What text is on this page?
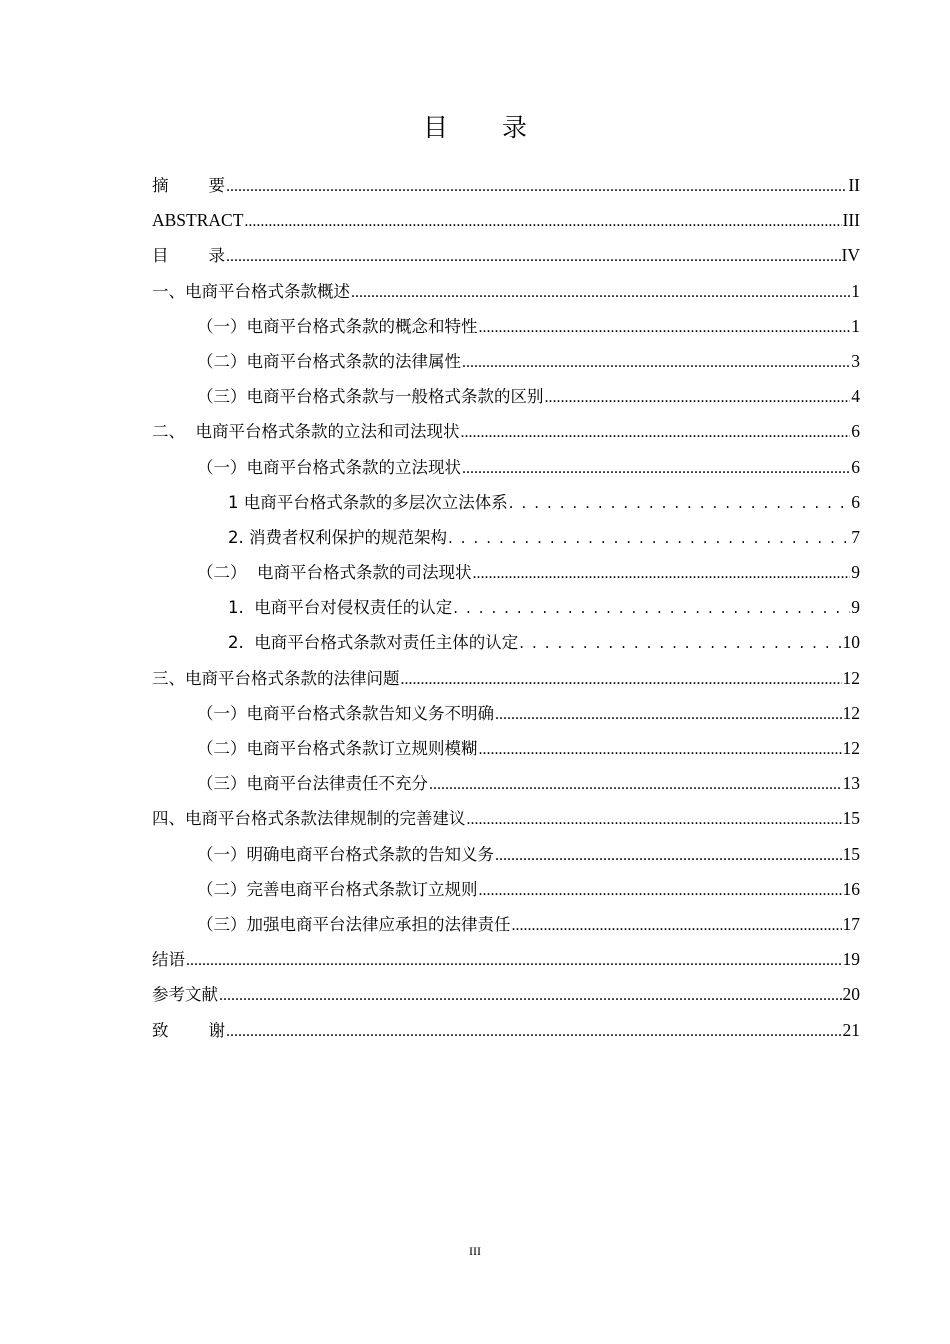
目 录
摘 要 .....	II
ABSTRACT .....	III
目 录 .....	IV
一、电商平台格式条款概述 .....	1
（一）电商平台格式条款的概念和特性 .....	1
（二）电商平台格式条款的法律属性 .....	3
（三）电商平台格式条款与一般格式条款的区别 .....	4
二、  电商平台格式条款的立法和司法现状 .....	6
（一）电商平台格式条款的立法现状 .....	6
1 电商平台格式条款的多层次立法体系 . . .	6
2. 消费者权利保护的规范架构 . . .	7
（二）  电商平台格式条款的司法现状 .....	9
1.  电商平台对侵权责任的认定 . . .	9
2.  电商平台格式条款对责任主体的认定 . . .	10
三、电商平台格式条款的法律问题 .....	12
（一）电商平台格式条款告知义务不明确 .....	12
（二）电商平台格式条款订立规则模糊 .....	12
（三）电商平台法律责任不充分 .....	13
四、电商平台格式条款法律规制的完善建议 .....	15
（一）明确电商平台格式条款的告知义务 .....	15
（二）完善电商平台格式条款订立规则 .....	16
（三）加强电商平台法律应承担的法律责任 .....	17
结语 .....	19
参考文献 .....	20
致 谢 .....	21
III
